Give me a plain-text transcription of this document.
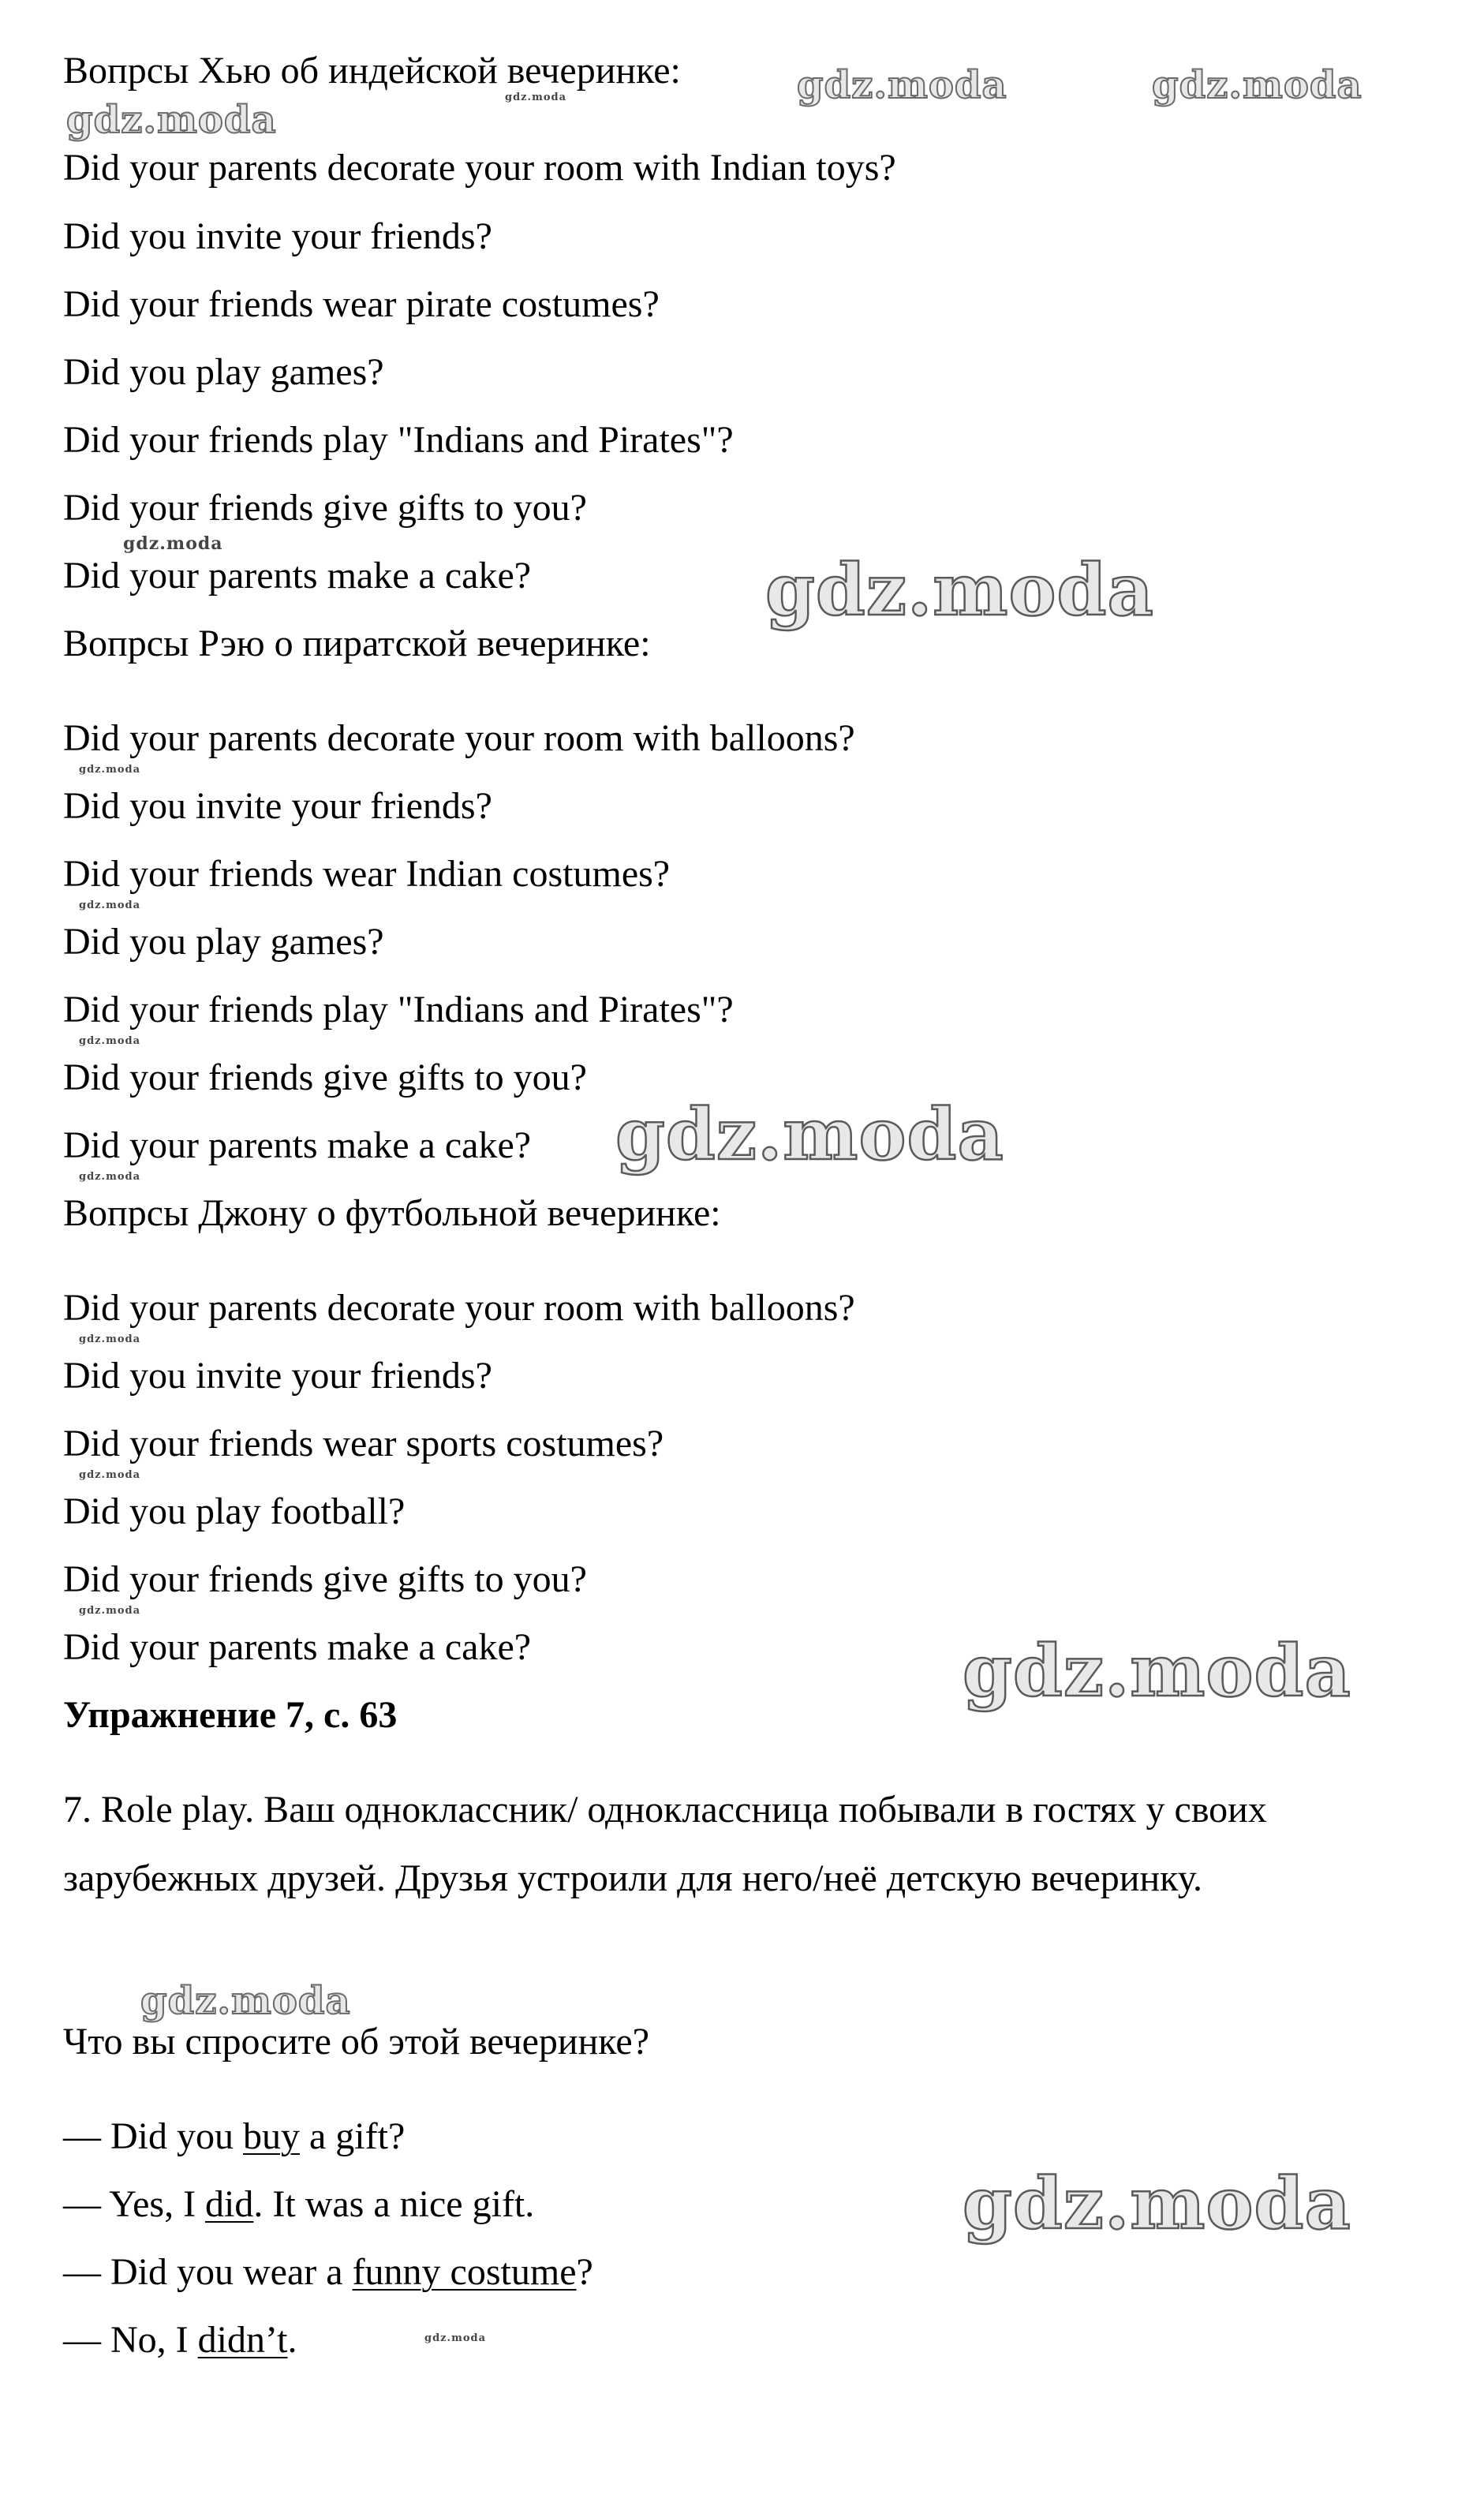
Вопрсы Хью об индейской вечеринке:
Did your parents decorate your room with Indian toys?
Did you invite your friends?
Did your friends wear pirate costumes?
Did you play games?
Did your friends play "Indians and Pirates"?
Did your friends give gifts to you?
Did your parents make a cake?
Вопрсы Рэю о пиратской вечеринке:
Did your parents decorate your room with balloons?
Did you invite your friends?
Did your friends wear Indian costumes?
Did you play games?
Did your friends play "Indians and Pirates"?
Did your friends give gifts to you?
Did your parents make a cake?
Вопрсы Джону о футбольной вечеринке:
Did your parents decorate your room with balloons?
Did you invite your friends?
Did your friends wear sports costumes?
Did you play football?
Did your friends give gifts to you?
Did your parents make a cake?
Упражнение 7, с. 63
7. Role play. Ваш одноклассник/ одноклассница побывали в гостях у своих зарубежных друзей. Друзья устроили для него/неё детскую вечеринку.
Что вы спросите об этой вечеринке?
— Did you buy a gift?
— Yes, I did. It was a nice gift.
— Did you wear a funny costume?
— No, I didn’t.
gdz.moda	gdz.moda
gdz.moda
gdz.moda
gdz.moda
gdz.moda
gdz.moda
gdz.moda
gdz.moda
gdz.moda
gdz.moda
gdz.moda
gdz.moda
gdz.moda
gdz.moda
gdz.moda
gdz.moda
gdz.moda
